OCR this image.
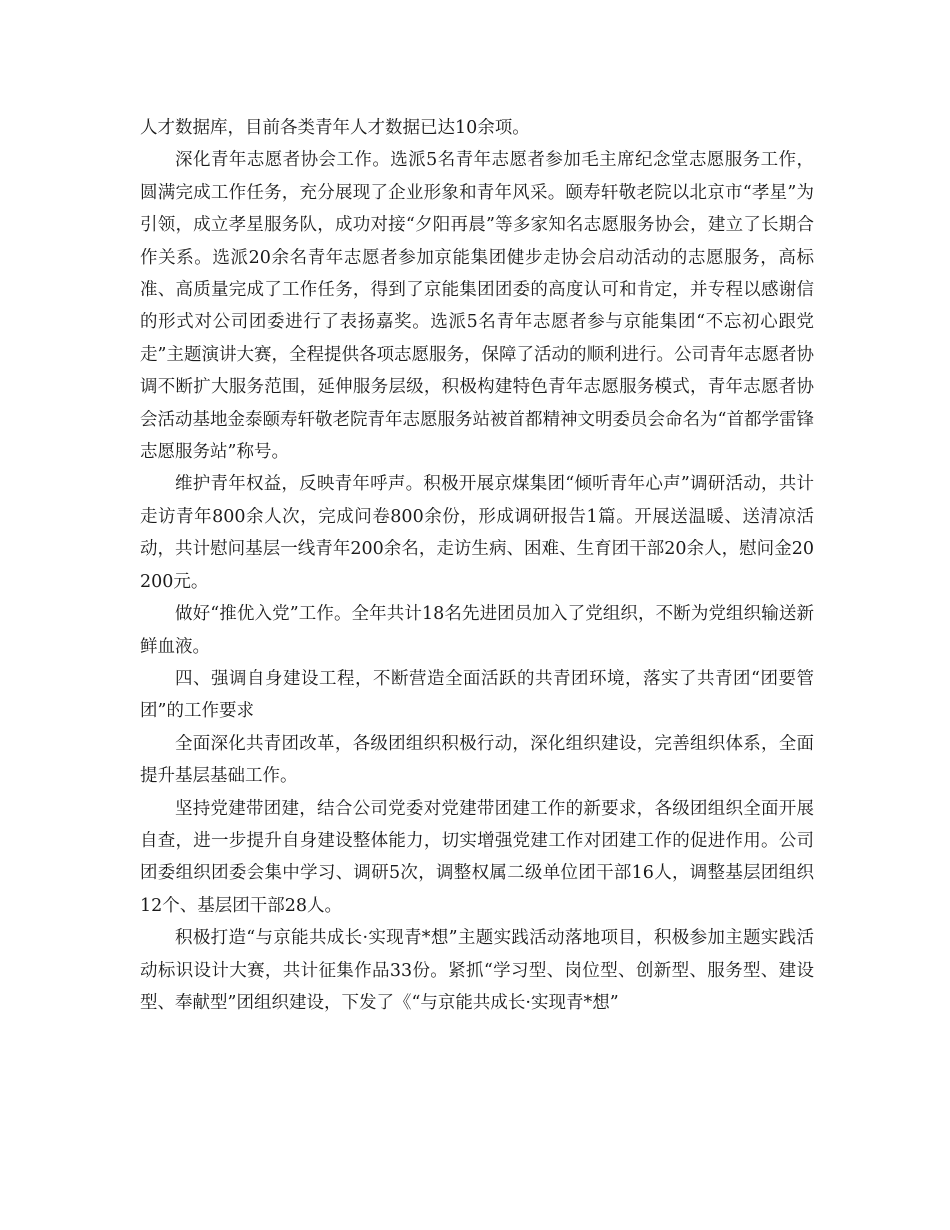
人才数据库，目前各类青年人才数据已达10余项。

深化青年志愿者协会工作。选派5名青年志愿者参加毛主席纪念堂志愿服务工作，圆满完成工作任务，充分展现了企业形象和青年风采。颐寿轩敬老院以北京市“孝星”为引领，成立孝星服务队，成功对接“夕阳再晨”等多家知名志愿服务协会，建立了长期合作关系。选派20余名青年志愿者参加京能集团健步走协会启动活动的志愿服务，高标准、高质量完成了工作任务，得到了京能集团团委的高度认可和肯定，并专程以感谢信的形式对公司团委进行了表扬嘉奖。选派5名青年志愿者参与京能集团“不忘初心跟党走”主题演讲大赛，全程提供各项志愿服务，保障了活动的顺利进行。公司青年志愿者协调不断扩大服务范围，延伸服务层级，积极构建特色青年志愿服务模式，青年志愿者协会活动基地金泰颐寿轩敬老院青年志愿服务站被首都精神文明委员会命名为“首都学雷锋志愿服务站”称号。

维护青年权益，反映青年呼声。积极开展京煤集团“倾听青年心声”调研活动，共计走访青年800余人次，完成问卷800余份，形成调研报告1篇。开展送温暖、送清凉活动，共计慰问基层一线青年200余名，走访生病、困难、生育团干部20余人，慰问金20200元。

做好“推优入党”工作。全年共计18名先进团员加入了党组织，不断为党组织输送新鲜血液。

四、强调自身建设工程，不断营造全面活跃的共青团环境，落实了共青团“团要管团”的工作要求

全面深化共青团改革，各级团组织积极行动，深化组织建设，完善组织体系，全面提升基层基础工作。

坚持党建带团建，结合公司党委对党建带团建工作的新要求，各级团组织全面开展自查，进一步提升自身建设整体能力，切实增强党建工作对团建工作的促进作用。公司团委组织团委会集中学习、调研5次，调整权属二级单位团干部16人，调整基层团组织12个、基层团干部28人。

积极打造“与京能共成长·实现青*想”主题实践活动落地项目，积极参加主题实践活动标识设计大赛，共计征集作品33份。紧抓“学习型、岗位型、创新型、服务型、建设型、奉献型”团组织建设，下发了《“与京能共成长·实现青*想”
